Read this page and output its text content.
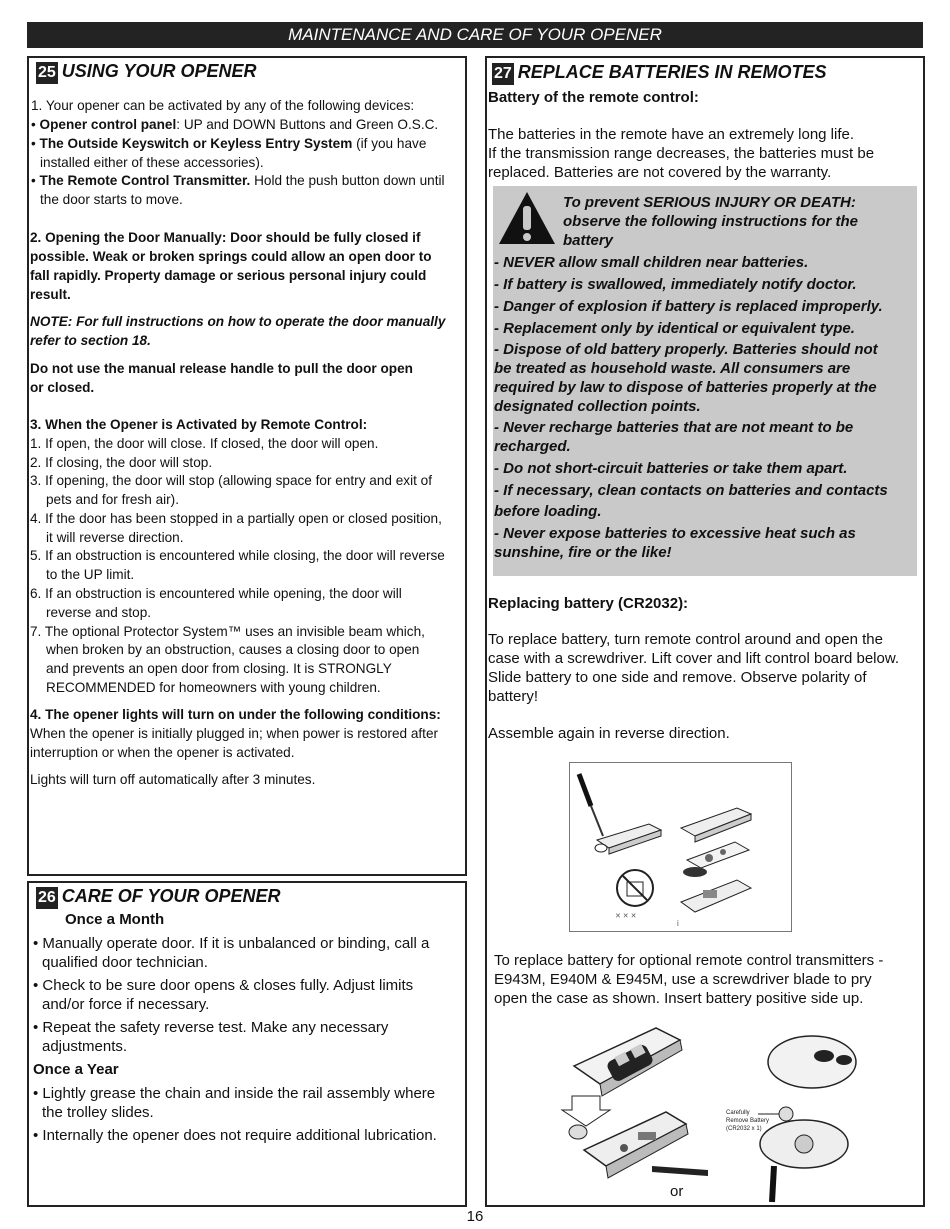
MAINTENANCE AND CARE OF YOUR OPENER
25 USING YOUR OPENER
1. Your opener can be activated by any of the following devices:
• Opener control panel: UP and DOWN Buttons and Green O.S.C.
• The Outside Keyswitch or Keyless Entry System (if you have
installed either of these accessories).
• The Remote Control Transmitter. Hold the push button down until
the door starts to move.
2. Opening the Door Manually: Door should be fully closed if
possible. Weak or broken springs could allow an open door to
fall rapidly. Property damage or serious personal injury could
result.
NOTE: For full instructions on how to operate the door manually
refer to section 18.
Do not use the manual release handle to pull the door open
or closed.
3. When the Opener is Activated by Remote Control:
1. If open, the door will close. If closed, the door will open.
2. If closing, the door will stop.
3. If opening, the door will stop (allowing space for entry and exit of
pets and for fresh air).
4. If the door has been stopped in a partially open or closed position,
it will reverse direction.
5. If an obstruction is encountered while closing, the door will reverse
to the UP limit.
6. If an obstruction is encountered while opening, the door will
reverse and stop.
7. The optional Protector System™ uses an invisible beam which,
when broken by an obstruction, causes a closing door to open
and prevents an open door from closing. It is STRONGLY
RECOMMENDED for homeowners with young children.
4. The opener lights will turn on under the following conditions:
When the opener is initially plugged in; when power is restored after
interruption or when the opener is activated.
Lights will turn off automatically after 3 minutes.
26 CARE OF YOUR OPENER
Once a Month
• Manually operate door. If it is unbalanced or binding, call a
qualified door technician.
• Check to be sure door opens & closes fully. Adjust limits
and/or force if necessary.
• Repeat the safety reverse test. Make any necessary
adjustments.
Once a Year
• Lightly grease the chain and inside the rail assembly where
the trolley slides.
• Internally the opener does not require additional lubrication.
27 REPLACE BATTERIES IN REMOTES
Battery of the remote control:
The batteries in the remote have an extremely long life.
If the transmission range decreases, the batteries must be
replaced. Batteries are not covered by the warranty.
To prevent SERIOUS INJURY OR DEATH:
observe the following instructions for the
battery
- NEVER allow small children near batteries.
- If battery is swallowed, immediately notify doctor.
- Danger of explosion if battery is replaced improperly.
- Replacement only by identical or equivalent type.
- Dispose of old battery properly. Batteries should not
be treated as household waste. All consumers are
required by law to dispose of batteries properly at the
designated collection points.
- Never recharge batteries that are not meant to be
recharged.
- Do not short-circuit batteries or take them apart.
- If necessary, clean contacts on batteries and contacts
before loading.
- Never expose batteries to excessive heat such as
sunshine, fire or the like!
Replacing battery (CR2032):
To replace battery, turn remote control around and open the
case with a screwdriver. Lift cover and lift control board below.
Slide battery to one side and remove. Observe polarity of
battery!
Assemble again in reverse direction.
✕ ✕ ✕
i
To replace battery for optional remote control transmitters -
E943M, E940M & E945M, use a screwdriver blade to pry
open the case as shown. Insert battery positive side up.
or
Carefully
Remove Battery
(CR2032 x 1)
16
